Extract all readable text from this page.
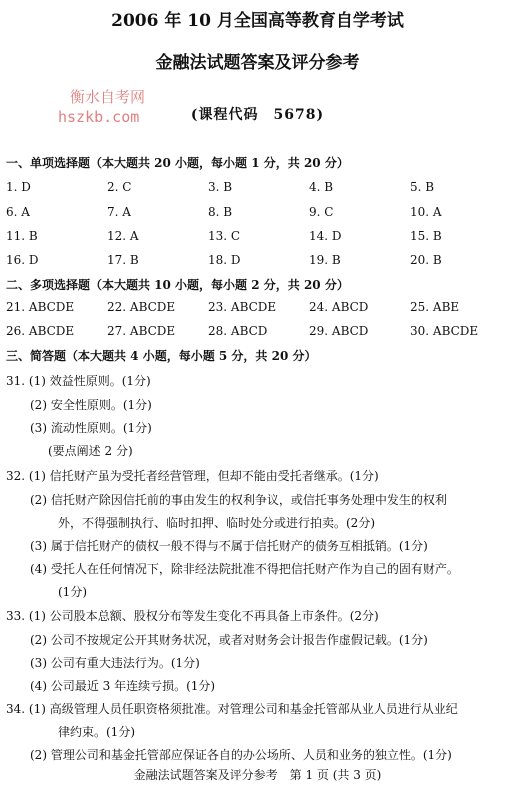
2006 年 10 月全国高等教育自学考试
金融法试题答案及评分参考
衡水自考网
hszkb.com	(课程代码　5678)
一、单项选择题（本大题共 20 小题，每小题 1 分，共 20 分）
1. D	2. C	3. B	4. B	5. B
6. A	7. A	8. B	9. C	10. A
11. B	12. A	13. C	14. D	15. B
16. D	17. B	18. D	19. B	20. B
二、多项选择题（本大题共 10 小题，每小题 2 分，共 20 分）
21. ABCDE	22. ABCDE	23. ABCDE	24. ABCD	25. ABE
26. ABCDE	27. ABCDE	28. ABCD	29. ABCD	30. ABCDE
三、简答题（本大题共 4 小题，每小题 5 分，共 20 分）
31. (1) 效益性原则。(1分)
(2) 安全性原则。(1分)
(3) 流动性原则。(1分)
(要点阐述 2 分)
32. (1) 信托财产虽为受托者经营管理，但却不能由受托者继承。(1分)
(2) 信托财产除因信托前的事由发生的权利争议，或信托事务处理中发生的权利
外，不得强制执行、临时扣押、临时处分或进行拍卖。(2分)
(3) 属于信托财产的债权一般不得与不属于信托财产的债务互相抵销。(1分)
(4) 受托人在任何情况下，除非经法院批准不得把信托财产作为自己的固有财产。
(1分)
33. (1) 公司股本总额、股权分布等发生变化不再具备上市条件。(2分)
(2) 公司不按规定公开其财务状况，或者对财务会计报告作虚假记载。(1分)
(3) 公司有重大违法行为。(1分)
(4) 公司最近 3 年连续亏损。(1分)
34. (1) 高级管理人员任职资格须批准。对管理公司和基金托管部从业人员进行从业纪
律约束。(1分)
(2) 管理公司和基金托管部应保证各自的办公场所、人员和业务的独立性。(1分)
金融法试题答案及评分参考　第 1 页 (共 3 页)
